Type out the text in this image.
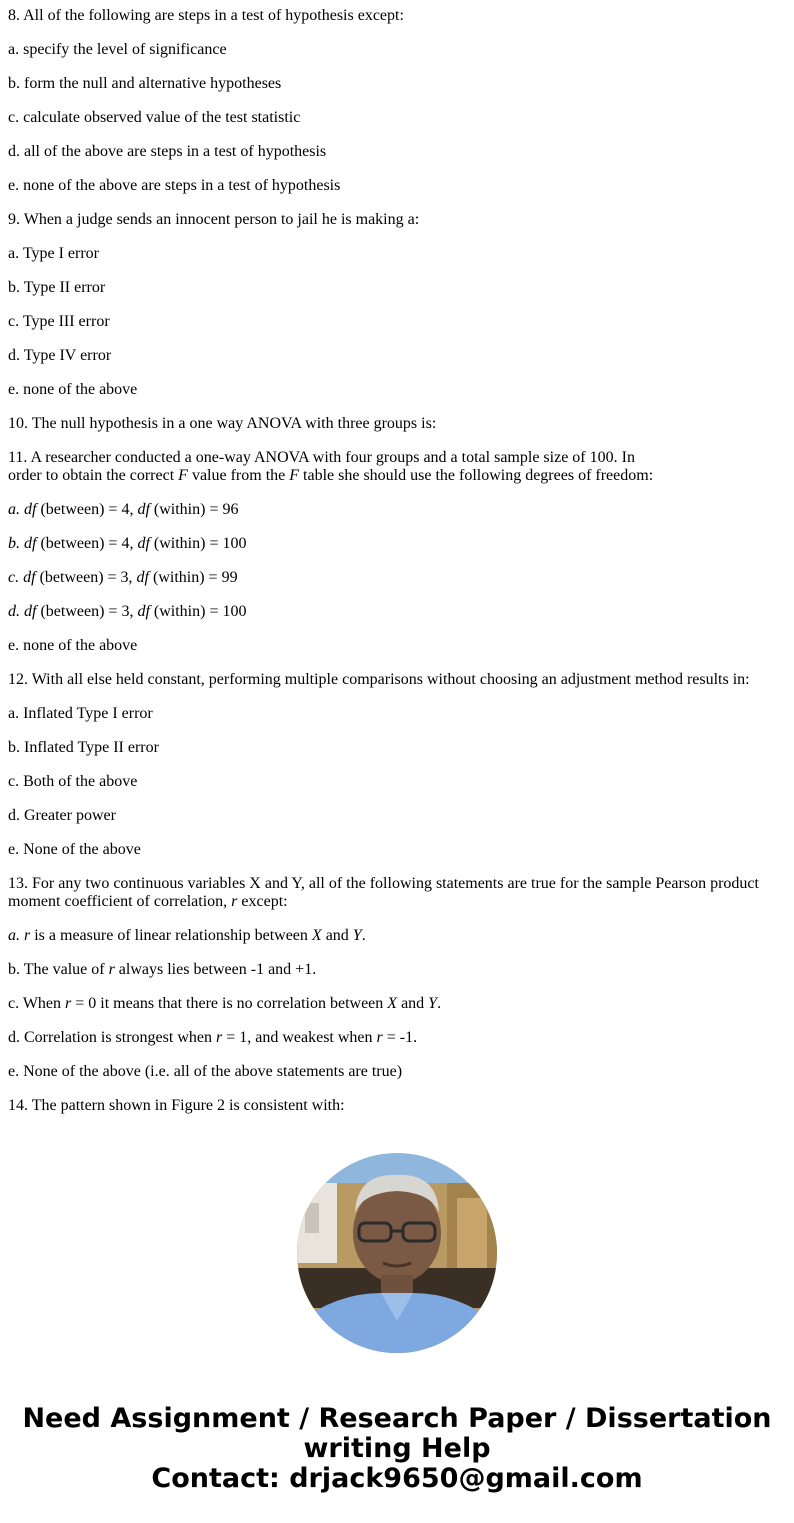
8. All of the following are steps in a test of hypothesis except:
a. specify the level of significance
b. form the null and alternative hypotheses
c. calculate observed value of the test statistic
d. all of the above are steps in a test of hypothesis
e. none of the above are steps in a test of hypothesis
9. When a judge sends an innocent person to jail he is making a:
a. Type I error
b. Type II error
c. Type III error
d. Type IV error
e. none of the above
10. The null hypothesis in a one way ANOVA with three groups is:
11. A researcher conducted a one-way ANOVA with four groups and a total sample size of 100. In
order to obtain the correct F value from the F table she should use the following degrees of freedom:
a. df (between) = 4, df (within) = 96
b. df (between) = 4, df (within) = 100
c. df (between) = 3, df (within) = 99
d. df (between) = 3, df (within) = 100
e. none of the above
12. With all else held constant, performing multiple comparisons without choosing an adjustment method results in:
a. Inflated Type I error
b. Inflated Type II error
c. Both of the above
d. Greater power
e. None of the above
13. For any two continuous variables X and Y, all of the following statements are true for the sample Pearson product
moment coefficient of correlation, r except:
a. r is a measure of linear relationship between X and Y.
b. The value of r always lies between -1 and +1.
c. When r = 0 it means that there is no correlation between X and Y.
d. Correlation is strongest when r = 1, and weakest when r = -1.
e. None of the above (i.e. all of the above statements are true)
14. The pattern shown in Figure 2 is consistent with:
Need Assignment / Research Paper / Dissertation
writing Help
Contact: drjack9650@gmail.com
